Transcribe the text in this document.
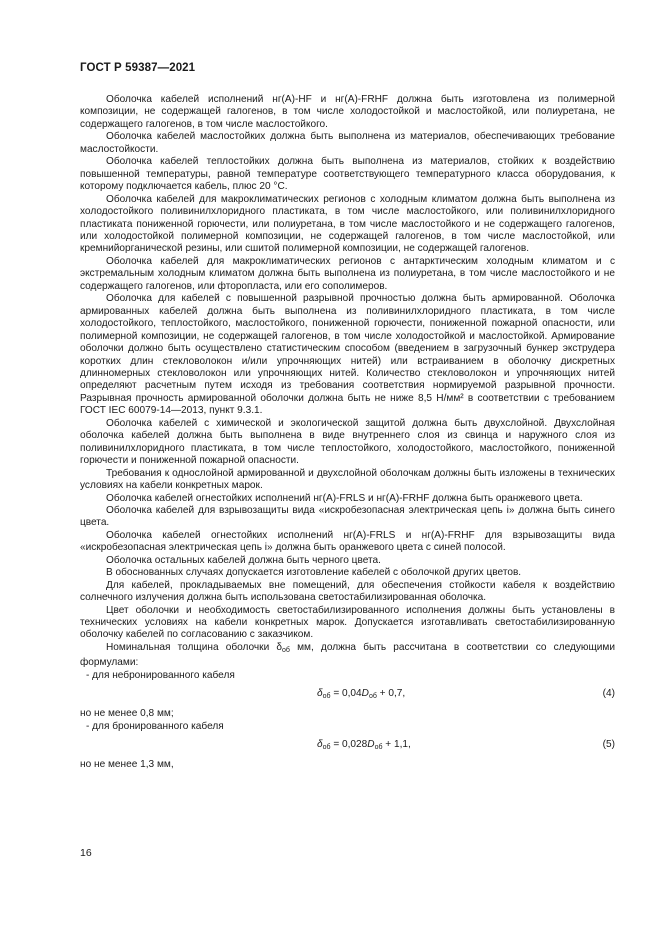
ГОСТ Р 59387—2021

Оболочка кабелей исполнений нг(А)-HF и нг(А)-FRHF должна быть изготовлена из полимерной композиции, не содержащей галогенов, в том числе холодостойкой и маслостойкой, или полиуретана, не содержащего галогенов, в том числе маслостойкого.

Оболочка кабелей маслостойких должна быть выполнена из материалов, обеспечивающих требование маслостойкости.

Оболочка кабелей теплостойких должна быть выполнена из материалов, стойких к воздействию повышенной температуры, равной температуре соответствующего температурного класса оборудования, к которому подключается кабель, плюс 20 °С.

Оболочка кабелей для макроклиматических регионов с холодным климатом должна быть выполнена из холодостойкого поливинилхлоридного пластиката, в том числе маслостойкого, или поливинилхлоридного пластиката пониженной горючести, или полиуретана, в том числе маслостойкого и не содержащего галогенов, или холодостойкой полимерной композиции, не содержащей галогенов, в том числе маслостойкой, или кремнийорганической резины, или сшитой полимерной композиции, не содержащей галогенов.

Оболочка кабелей для макроклиматических регионов с антарктическим холодным климатом и с экстремальным холодным климатом должна быть выполнена из полиуретана, в том числе маслостойкого и не содержащего галогенов, или фторопласта, или его сополимеров.

Оболочка для кабелей с повышенной разрывной прочностью должна быть армированной. Оболочка армированных кабелей должна быть выполнена из поливинилхлоридного пластиката, в том числе холодостойкого, теплостойкого, маслостойкого, пониженной горючести, пониженной пожарной опасности, или полимерной композиции, не содержащей галогенов, в том числе холодостойкой и маслостойкой. Армирование оболочки должно быть осуществлено статистическим способом (введением в загрузочный бункер экструдера коротких длин стекловолокон и/или упрочняющих нитей) или встраиванием в оболочку дискретных длинномерных стекловолокон или упрочняющих нитей. Количество стекловолокон и упрочняющих нитей определяют расчетным путем исходя из требования соответствия нормируемой разрывной прочности. Разрывная прочность армированной оболочки должна быть не ниже 8,5 Н/мм² в соответствии с требованием ГОСТ IEC 60079-14—2013, пункт 9.3.1.

Оболочка кабелей с химической и экологической защитой должна быть двухслойной. Двухслойная оболочка кабелей должна быть выполнена в виде внутреннего слоя из свинца и наружного слоя из поливинилхлоридного пластиката, в том числе теплостойкого, холодостойкого, маслостойкого, пониженной горючести и пониженной пожарной опасности.

Требования к однослойной армированной и двухслойной оболочкам должны быть изложены в технических условиях на кабели конкретных марок.

Оболочка кабелей огнестойких исполнений нг(А)-FRLS и нг(А)-FRHF должна быть оранжевого цвета.

Оболочка кабелей для взрывозащиты вида «искробезопасная электрическая цепь i» должна быть синего цвета.

Оболочка кабелей огнестойких исполнений нг(А)-FRLS и нг(А)-FRHF для взрывозащиты вида «искробезопасная электрическая цепь i» должна быть оранжевого цвета с синей полосой.

Оболочка остальных кабелей должна быть черного цвета.

В обоснованных случаях допускается изготовление кабелей с оболочкой других цветов.

Для кабелей, прокладываемых вне помещений, для обеспечения стойкости кабеля к воздействию солнечного излучения должна быть использована светостабилизированная оболочка.

Цвет оболочки и необходимость светостабилизированного исполнения должны быть установлены в технических условиях на кабели конкретных марок. Допускается изготавливать светостабилизированную оболочку кабелей по согласованию с заказчиком.

Номинальная толщина оболочки $\delta_{об}$ мм, должна быть рассчитана в соответствии со следующими формулами:

- для небронированного кабеля

$\delta_{об} = 0,04D_{об} + 0,7$,	(4)

но не менее 0,8 мм;

- для бронированного кабеля

$\delta_{об} = 0,028D_{об} + 1,1$,	(5)

но не менее 1,3 мм,

16
